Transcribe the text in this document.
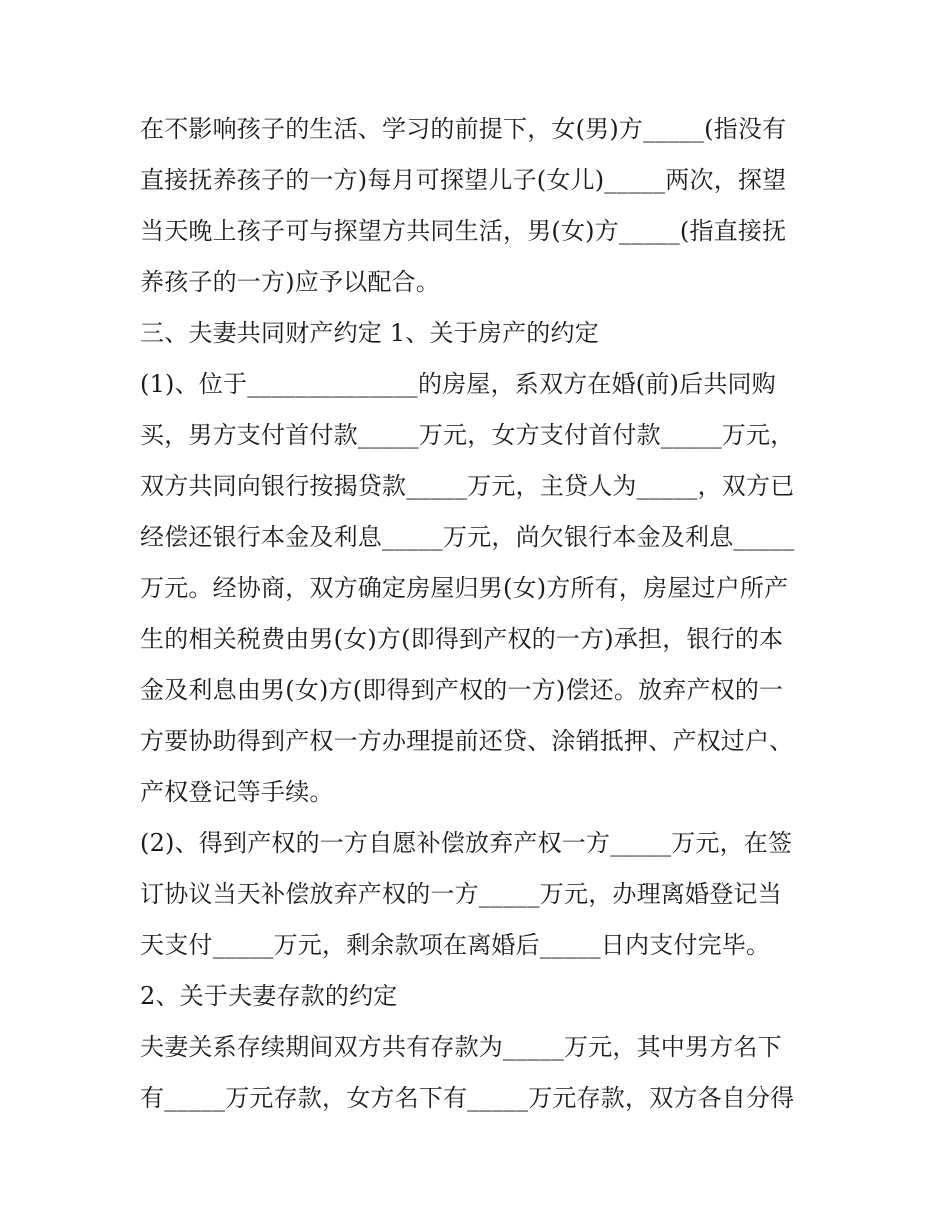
在不影响孩子的生活、学习的前提下，女(男)方_____(指没有
直接抚养孩子的一方)每月可探望儿子(女儿)_____两次，探望
当天晚上孩子可与探望方共同生活，男(女)方_____(指直接抚
养孩子的一方)应予以配合。
三、夫妻共同财产约定 1、关于房产的约定
(1)、位于______________的房屋，系双方在婚(前)后共同购
买，男方支付首付款_____万元，女方支付首付款_____万元，
双方共同向银行按揭贷款_____万元，主贷人为_____，双方已
经偿还银行本金及利息_____万元，尚欠银行本金及利息_____
万元。经协商，双方确定房屋归男(女)方所有，房屋过户所产
生的相关税费由男(女)方(即得到产权的一方)承担，银行的本
金及利息由男(女)方(即得到产权的一方)偿还。放弃产权的一
方要协助得到产权一方办理提前还贷、涂销抵押、产权过户、
产权登记等手续。
(2)、得到产权的一方自愿补偿放弃产权一方_____万元，在签
订协议当天补偿放弃产权的一方_____万元，办理离婚登记当
天支付_____万元，剩余款项在离婚后_____日内支付完毕。
2、关于夫妻存款的约定
夫妻关系存续期间双方共有存款为_____万元，其中男方名下
有_____万元存款，女方名下有_____万元存款，双方各自分得
